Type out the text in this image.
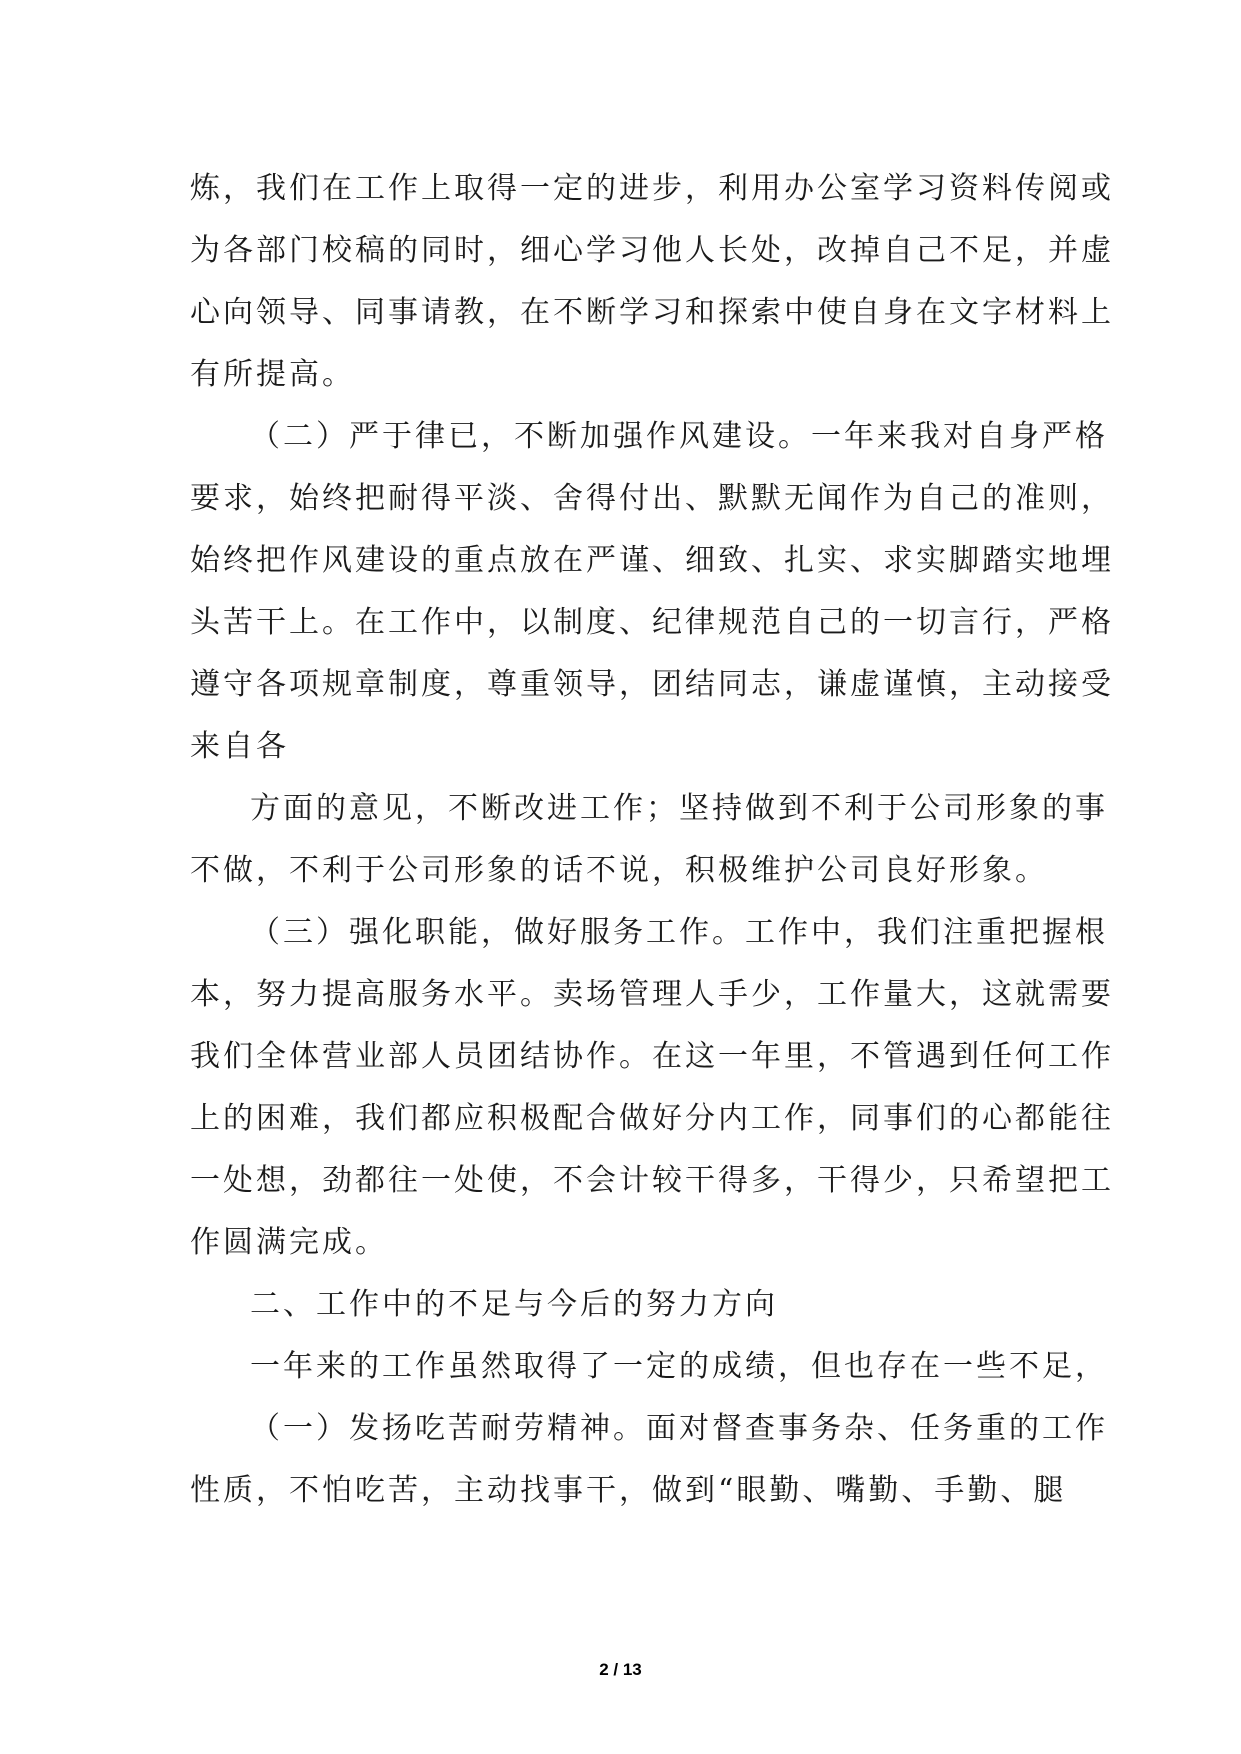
炼，我们在工作上取得一定的进步，利用办公室学习资料传阅或
为各部门校稿的同时，细心学习他人长处，改掉自己不足，并虚
心向领导、同事请教，在不断学习和探索中使自身在文字材料上
有所提高。
（二）严于律已，不断加强作风建设。一年来我对自身严格
要求，始终把耐得平淡、舍得付出、默默无闻作为自己的准则，
始终把作风建设的重点放在严谨、细致、扎实、求实脚踏实地埋
头苦干上。在工作中，以制度、纪律规范自己的一切言行，严格
遵守各项规章制度，尊重领导，团结同志，谦虚谨慎，主动接受
来自各
方面的意见，不断改进工作；坚持做到不利于公司形象的事
不做，不利于公司形象的话不说，积极维护公司良好形象。
（三）强化职能，做好服务工作。工作中，我们注重把握根
本，努力提高服务水平。卖场管理人手少，工作量大，这就需要
我们全体营业部人员团结协作。在这一年里，不管遇到任何工作
上的困难，我们都应积极配合做好分内工作，同事们的心都能往
一处想，劲都往一处使，不会计较干得多，干得少，只希望把工
作圆满完成。
二、工作中的不足与今后的努力方向
一年来的工作虽然取得了一定的成绩，但也存在一些不足，
（一）发扬吃苦耐劳精神。面对督查事务杂、任务重的工作
性质，不怕吃苦，主动找事干，做到“眼勤、嘴勤、手勤、腿
2 / 13
